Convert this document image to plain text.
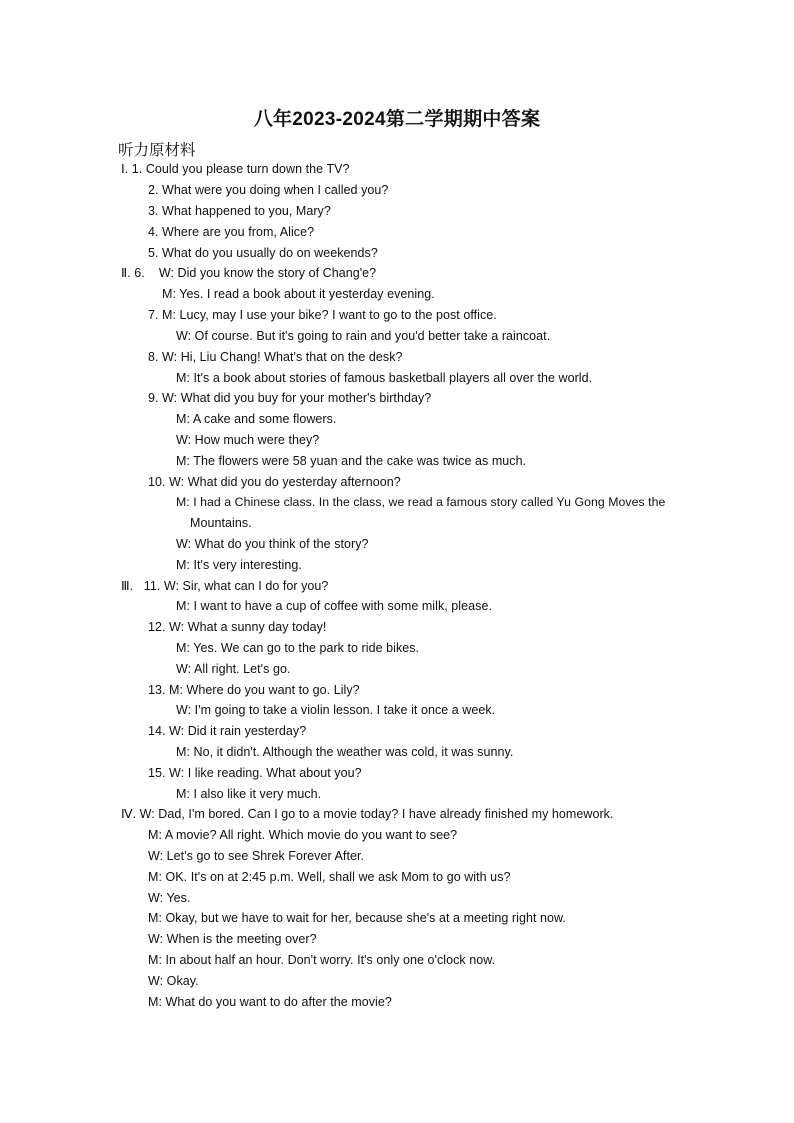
八年2023-2024第二学期期中答案
听力原材料
Ⅰ. 1. Could you please turn down the TV?
2. What were you doing when I called you?
3. What happened to you, Mary?
4. Where are you from, Alice?
5. What do you usually do on weekends?
Ⅱ. 6.    W: Did you know the story of Chang'e?
M: Yes. I read a book about it yesterday evening.
7. M: Lucy, may I use your bike? I want to go to the post office.
W: Of course. But it's going to rain and you'd better take a raincoat.
8. W: Hi, Liu Chang! What's that on the desk?
M: It's a book about stories of famous basketball players all over the world.
9. W: What did you buy for your mother's birthday?
M: A cake and some flowers.
W: How much were they?
M: The flowers were 58 yuan and the cake was twice as much.
10. W: What did you do yesterday afternoon?
M: I had a Chinese class. In the class, we read a famous story called Yu Gong Moves the
Mountains.
W: What do you think of the story?
M: It's very interesting.
Ⅲ.   11. W: Sir, what can I do for you?
M: I want to have a cup of coffee with some milk, please.
12. W: What a sunny day today!
M: Yes. We can go to the park to ride bikes.
W: All right. Let's go.
13. M: Where do you want to go. Lily?
W: I'm going to take a violin lesson. I take it once a week.
14. W: Did it rain yesterday?
M: No, it didn't. Although the weather was cold, it was sunny.
15. W: I like reading. What about you?
M: I also like it very much.
Ⅳ. W: Dad, I'm bored. Can I go to a movie today? I have already finished my homework.
M: A movie? All right. Which movie do you want to see?
W: Let's go to see Shrek Forever After.
M: OK. It's on at 2:45 p.m. Well, shall we ask Mom to go with us?
W: Yes.
M: Okay, but we have to wait for her, because she's at a meeting right now.
W: When is the meeting over?
M: In about half an hour. Don't worry. It's only one o'clock now.
W: Okay.
M: What do you want to do after the movie?
